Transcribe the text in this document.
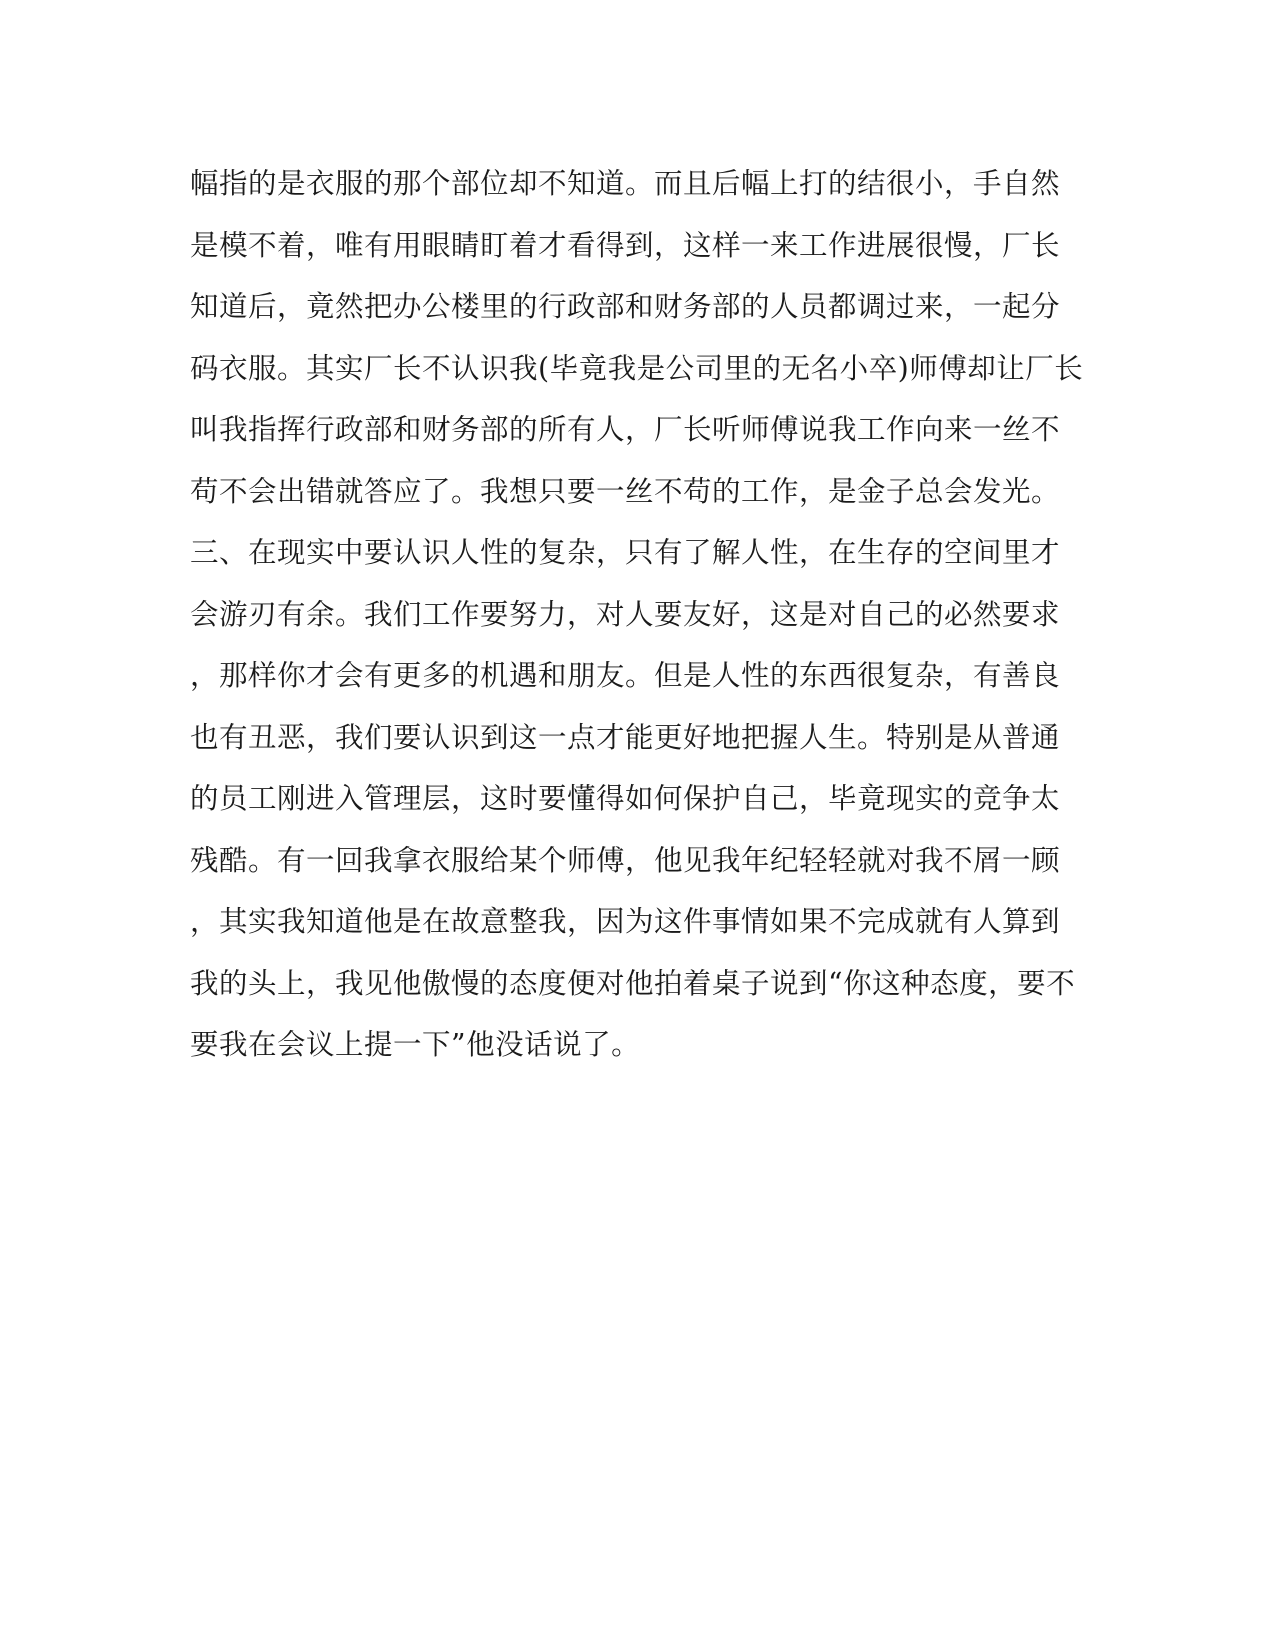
幅指的是衣服的那个部位却不知道。而且后幅上打的结很小，手自然
是模不着，唯有用眼睛盯着才看得到，这样一来工作进展很慢，厂长
知道后，竟然把办公楼里的行政部和财务部的人员都调过来，一起分
码衣服。其实厂长不认识我(毕竟我是公司里的无名小卒)师傅却让厂长
叫我指挥行政部和财务部的所有人，厂长听师傅说我工作向来一丝不
苟不会出错就答应了。我想只要一丝不苟的工作，是金子总会发光。
三、在现实中要认识人性的复杂，只有了解人性，在生存的空间里才
会游刃有余。我们工作要努力，对人要友好，这是对自己的必然要求
，那样你才会有更多的机遇和朋友。但是人性的东西很复杂，有善良
也有丑恶，我们要认识到这一点才能更好地把握人生。特别是从普通
的员工刚进入管理层，这时要懂得如何保护自己，毕竟现实的竞争太
残酷。有一回我拿衣服给某个师傅，他见我年纪轻轻就对我不屑一顾
，其实我知道他是在故意整我，因为这件事情如果不完成就有人算到
我的头上，我见他傲慢的态度便对他拍着桌子说到“你这种态度，要不
要我在会议上提一下”他没话说了。
